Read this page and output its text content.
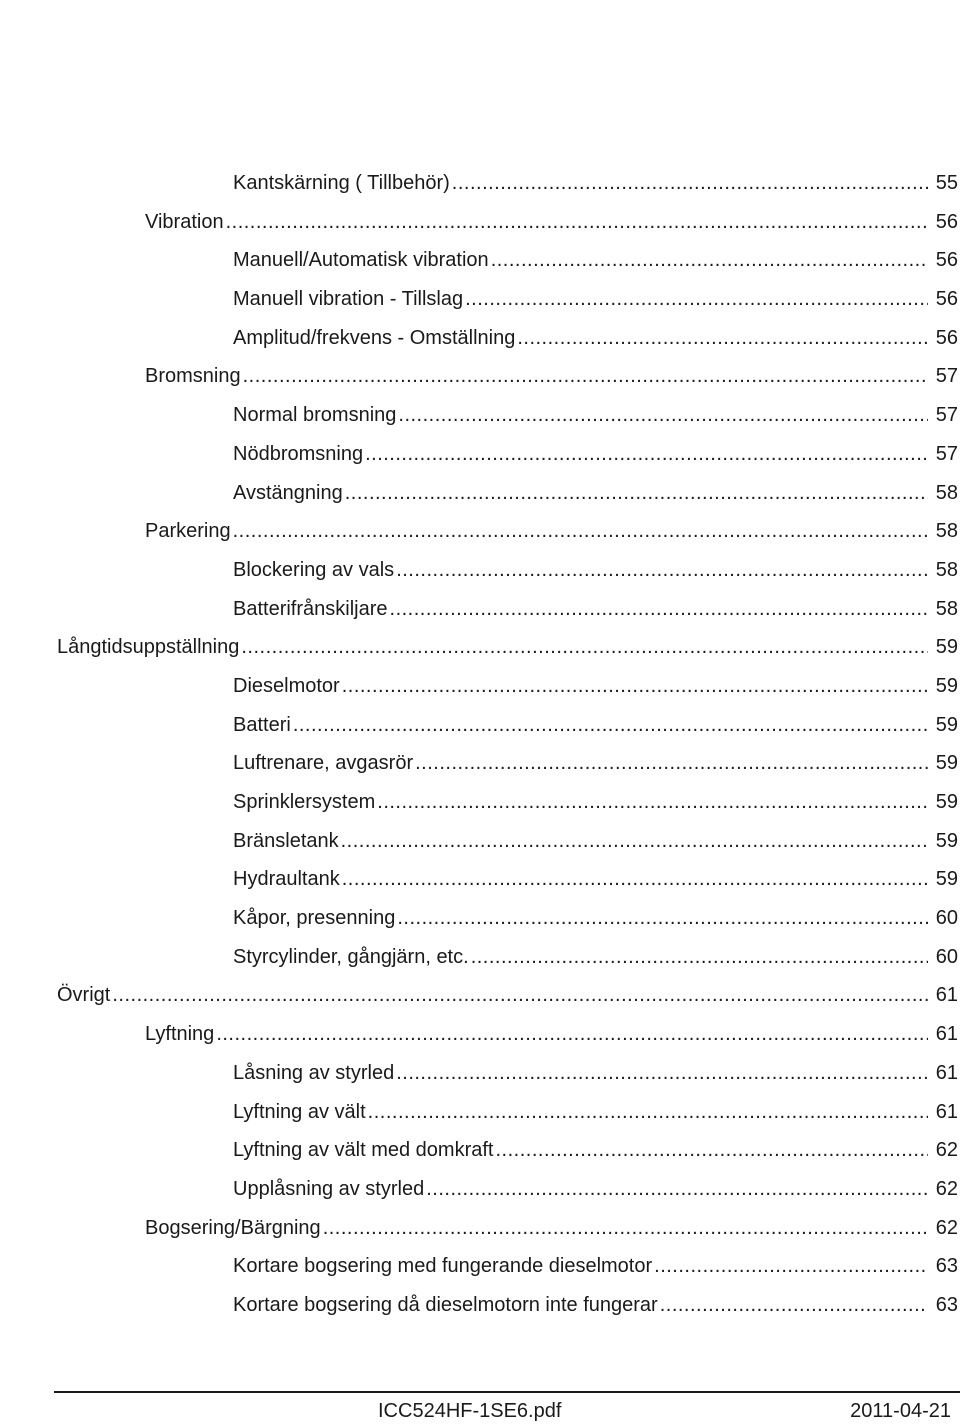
Kantskärning ( Tillbehör) .....	55
Vibration .....	56
Manuell/Automatisk vibration .....	56
Manuell vibration - Tillslag .....	56
Amplitud/frekvens - Omställning .....	56
Bromsning .....	57
Normal bromsning .....	57
Nödbromsning .....	57
Avstängning .....	58
Parkering .....	58
Blockering av vals .....	58
Batterifrånskiljare .....	58
Långtidsuppställning .....	59
Dieselmotor .....	59
Batteri .....	59
Luftrenare, avgasrör .....	59
Sprinklersystem .....	59
Bränsletank .....	59
Hydraultank .....	59
Kåpor, presenning .....	60
Styrcylinder, gångjärn, etc. .....	60
Övrigt .....	61
Lyftning .....	61
Låsning av styrled .....	61
Lyftning av vält .....	61
Lyftning av vält med domkraft .....	62
Upplåsning av styrled .....	62
Bogsering/Bärgning .....	62
Kortare bogsering med fungerande dieselmotor .....	63
Kortare bogsering då dieselmotorn inte fungerar .....	63
ICC524HF-1SE6.pdf	2011-04-21
